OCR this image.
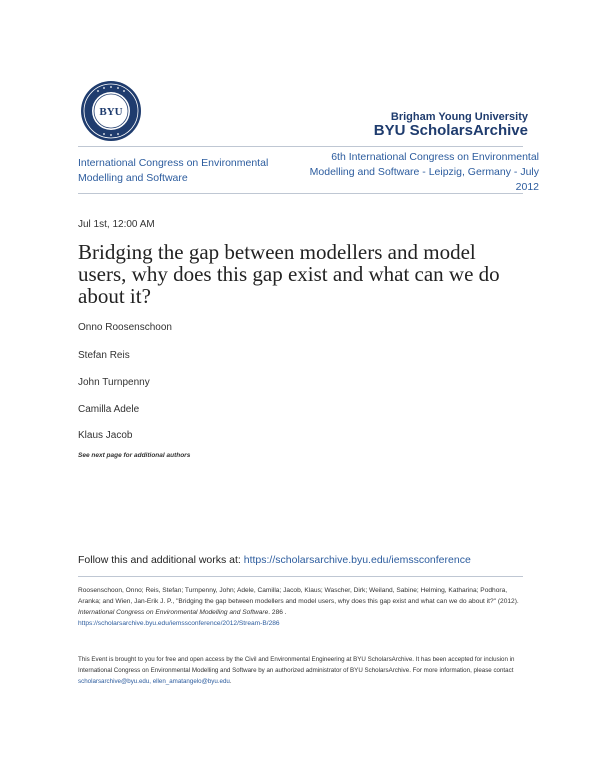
BYU	Brigham Young University
BYU ScholarsArchive
International Congress on Environmental Modelling and Software
6th International Congress on Environmental Modelling and Software - Leipzig, Germany - July 2012
Jul 1st, 12:00 AM
Bridging the gap between modellers and model users, why does this gap exist and what can we do about it?
Onno Roosenschoon
Stefan Reis
John Turnpenny
Camilla Adele
Klaus Jacob
See next page for additional authors
Follow this and additional works at: https://scholarsarchive.byu.edu/iemssconference
Roosenschoon, Onno; Reis, Stefan; Turnpenny, John; Adele, Camilla; Jacob, Klaus; Wascher, Dirk; Weiland, Sabine; Helming, Katharina; Podhora, Aranka; and Wien, Jan-Erik J. P., "Bridging the gap between modellers and model users, why does this gap exist and what can we do about it?" (2012). International Congress on Environmental Modelling and Software. 286 .
https://scholarsarchive.byu.edu/iemssconference/2012/Stream-B/286
This Event is brought to you for free and open access by the Civil and Environmental Engineering at BYU ScholarsArchive. It has been accepted for inclusion in International Congress on Environmental Modelling and Software by an authorized administrator of BYU ScholarsArchive. For more information, please contact scholarsarchive@byu.edu, ellen_amatangelo@byu.edu.
